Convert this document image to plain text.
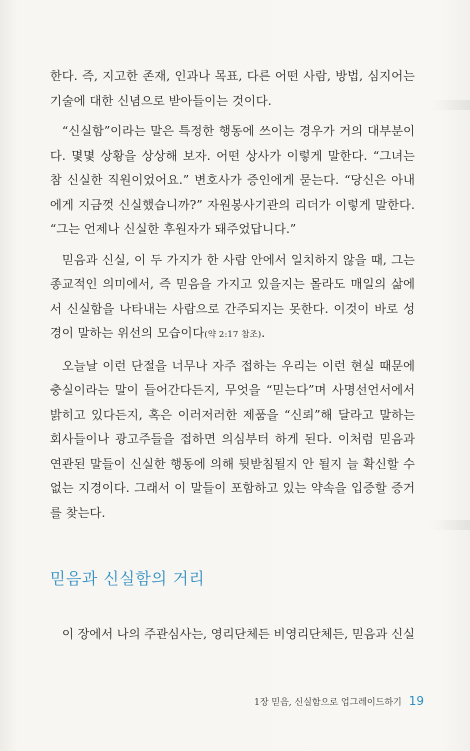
한다. 즉, 지고한 존재, 인과나 목표, 다른 어떤 사람, 방법, 심지어는 기술에 대한 신념으로 받아들이는 것이다.

“신실함”이라는 말은 특정한 행동에 쓰이는 경우가 거의 대부분이다. 몇몇 상황을 상상해 보자. 어떤 상사가 이렇게 말한다. “그녀는 참 신실한 직원이었어요.” 변호사가 증인에게 묻는다. “당신은 아내에게 지금껏 신실했습니까?” 자원봉사기관의 리더가 이렇게 말한다. “그는 언제나 신실한 후원자가 돼주었답니다.”

믿음과 신실, 이 두 가지가 한 사람 안에서 일치하지 않을 때, 그는 종교적인 의미에서, 즉 믿음을 가지고 있을지는 몰라도 매일의 삶에서 신실함을 나타내는 사람으로 간주되지는 못한다. 이것이 바로 성경이 말하는 위선의 모습이다(약 2:17 참조).

오늘날 이런 단절을 너무나 자주 접하는 우리는 이런 현실 때문에 충실이라는 말이 들어간다든지, 무엇을 “믿는다”며 사명선언서에서 밝히고 있다든지, 혹은 이러저러한 제품을 “신뢰”해 달라고 말하는 회사들이나 광고주들을 접하면 의심부터 하게 된다. 이처럼 믿음과 연관된 말들이 신실한 행동에 의해 뒷받침될지 안 될지 늘 확신할 수 없는 지경이다. 그래서 이 말들이 포함하고 있는 약속을 입증할 증거를 찾는다.

믿음과 신실함의 거리

이 장에서 나의 주관심사는, 영리단체든 비영리단체든, 믿음과 신실

1장 믿음, 신실함으로 업그레이드하기 19
